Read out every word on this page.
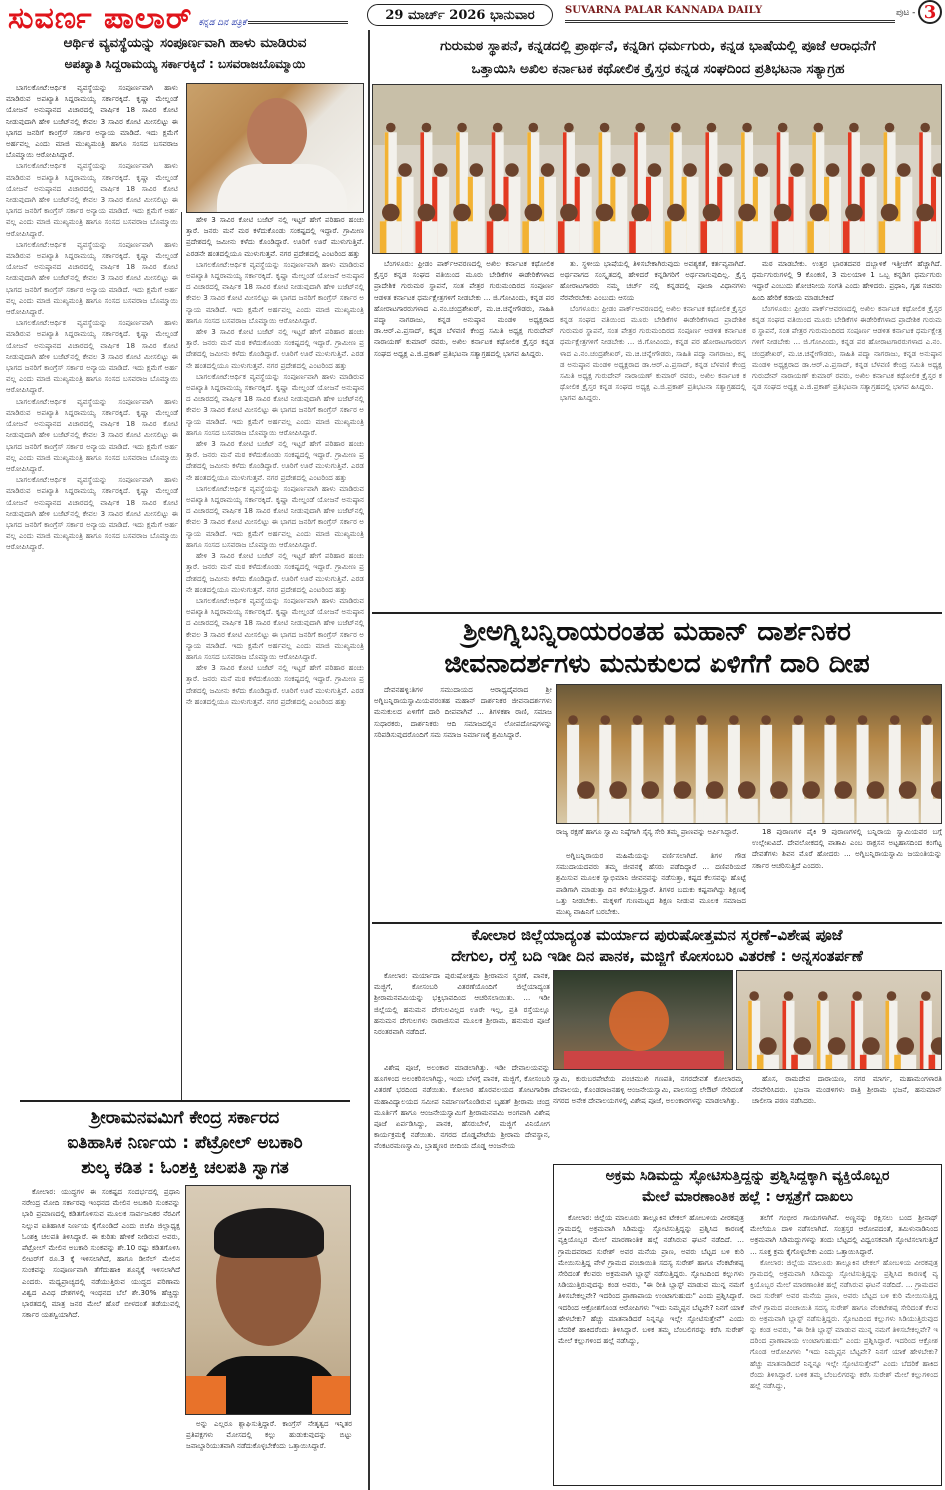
ಸುವರ್ಣ ಪಾಲಾರ್ ಕನ್ನಡ ದಿನ ಪತ್ರಿಕೆ
29 ಮಾರ್ಚ್ 2026 ಭಾನುವಾರ	SUVARNA PALAR KANNADA DAILY	ಪುಟ - 3
ಆರ್ಥಿಕ ವ್ಯವಸ್ಥೆಯನ್ನು ಸಂಪೂರ್ಣವಾಗಿ ಹಾಳು ಮಾಡಿರುವ
ಅಪಖ್ಯಾತಿ ಸಿದ್ದರಾಮಯ್ಯ ಸರ್ಕಾರಕ್ಕಿದೆ : ಬಸವರಾಜಬೊಮ್ಮಾಯಿ
ಬಾಗಲಕೋಟೆ:ಆರ್ಥಿಕ ವ್ಯವಸ್ಥೆಯನ್ನು ಸಂಪೂರ್ಣವಾಗಿ ಹಾಳು ಮಾಡಿರುವ ಅಪಖ್ಯಾತಿ ಸಿದ್ದರಾಮಯ್ಯ ಸರ್ಕಾರಕ್ಕಿದೆ. ಕೃಷ್ಣಾ ಮೇಲ್ದಂಡೆ ಯೋಜನೆ ಅನುಷ್ಠಾನದ ವಿಚಾರದಲ್ಲಿ ವಾರ್ಷಿಕ 18 ಸಾವಿರ ಕೋಟಿ ನೀಡುವುದಾಗಿ ಹೇಳಿ ಬಜೆಟ್‌ನಲ್ಲಿ ಕೇವಲ 3 ಸಾವಿರ ಕೋಟಿ ಮೀಸಲಿಟ್ಟು ಈ ಭಾಗದ ಜನರಿಗೆ ಕಾಂಗ್ರೆಸ್ ಸರ್ಕಾರ ಅನ್ಯಾಯ ಮಾಡಿದೆ. ಇದು ಕ್ಷಮೆಗೆ ಅರ್ಹವಲ್ಲ ಎಂದು ಮಾಜಿ ಮುಖ್ಯಮಂತ್ರಿ ಹಾಗೂ ಸಂಸದ ಬಸವರಾಜ ಬೊಮ್ಮಾಯಿ ಆರೋಪಿಸಿದ್ದಾರೆ.
ಬಾಗಲಕೋಟೆ:ಆರ್ಥಿಕ ವ್ಯವಸ್ಥೆಯನ್ನು ಸಂಪೂರ್ಣವಾಗಿ ಹಾಳು ಮಾಡಿರುವ ಅಪಖ್ಯಾತಿ ಸಿದ್ದರಾಮಯ್ಯ ಸರ್ಕಾರಕ್ಕಿದೆ. ಕೃಷ್ಣಾ ಮೇಲ್ದಂಡೆ ಯೋಜನೆ ಅನುಷ್ಠಾನದ ವಿಚಾರದಲ್ಲಿ ವಾರ್ಷಿಕ 18 ಸಾವಿರ ಕೋಟಿ ನೀಡುವುದಾಗಿ ಹೇಳಿ ಬಜೆಟ್‌ನಲ್ಲಿ ಕೇವಲ 3 ಸಾವಿರ ಕೋಟಿ ಮೀಸಲಿಟ್ಟು ಈ ಭಾಗದ ಜನರಿಗೆ ಕಾಂಗ್ರೆಸ್ ಸರ್ಕಾರ ಅನ್ಯಾಯ ಮಾಡಿದೆ. ಇದು ಕ್ಷಮೆಗೆ ಅರ್ಹವಲ್ಲ ಎಂದು ಮಾಜಿ ಮುಖ್ಯಮಂತ್ರಿ ಹಾಗೂ ಸಂಸದ ಬಸವರಾಜ ಬೊಮ್ಮಾಯಿ ಆರೋಪಿಸಿದ್ದಾರೆ.
ಬಾಗಲಕೋಟೆ:ಆರ್ಥಿಕ ವ್ಯವಸ್ಥೆಯನ್ನು ಸಂಪೂರ್ಣವಾಗಿ ಹಾಳು ಮಾಡಿರುವ ಅಪಖ್ಯಾತಿ ಸಿದ್ದರಾಮಯ್ಯ ಸರ್ಕಾರಕ್ಕಿದೆ. ಕೃಷ್ಣಾ ಮೇಲ್ದಂಡೆ ಯೋಜನೆ ಅನುಷ್ಠಾನದ ವಿಚಾರದಲ್ಲಿ ವಾರ್ಷಿಕ 18 ಸಾವಿರ ಕೋಟಿ ನೀಡುವುದಾಗಿ ಹೇಳಿ ಬಜೆಟ್‌ನಲ್ಲಿ ಕೇವಲ 3 ಸಾವಿರ ಕೋಟಿ ಮೀಸಲಿಟ್ಟು ಈ ಭಾಗದ ಜನರಿಗೆ ಕಾಂಗ್ರೆಸ್ ಸರ್ಕಾರ ಅನ್ಯಾಯ ಮಾಡಿದೆ. ಇದು ಕ್ಷಮೆಗೆ ಅರ್ಹವಲ್ಲ ಎಂದು ಮಾಜಿ ಮುಖ್ಯಮಂತ್ರಿ ಹಾಗೂ ಸಂಸದ ಬಸವರಾಜ ಬೊಮ್ಮಾಯಿ ಆರೋಪಿಸಿದ್ದಾರೆ.
ಬಾಗಲಕೋಟೆ:ಆರ್ಥಿಕ ವ್ಯವಸ್ಥೆಯನ್ನು ಸಂಪೂರ್ಣವಾಗಿ ಹಾಳು ಮಾಡಿರುವ ಅಪಖ್ಯಾತಿ ಸಿದ್ದರಾಮಯ್ಯ ಸರ್ಕಾರಕ್ಕಿದೆ. ಕೃಷ್ಣಾ ಮೇಲ್ದಂಡೆ ಯೋಜನೆ ಅನುಷ್ಠಾನದ ವಿಚಾರದಲ್ಲಿ ವಾರ್ಷಿಕ 18 ಸಾವಿರ ಕೋಟಿ ನೀಡುವುದಾಗಿ ಹೇಳಿ ಬಜೆಟ್‌ನಲ್ಲಿ ಕೇವಲ 3 ಸಾವಿರ ಕೋಟಿ ಮೀಸಲಿಟ್ಟು ಈ ಭಾಗದ ಜನರಿಗೆ ಕಾಂಗ್ರೆಸ್ ಸರ್ಕಾರ ಅನ್ಯಾಯ ಮಾಡಿದೆ. ಇದು ಕ್ಷಮೆಗೆ ಅರ್ಹವಲ್ಲ ಎಂದು ಮಾಜಿ ಮುಖ್ಯಮಂತ್ರಿ ಹಾಗೂ ಸಂಸದ ಬಸವರಾಜ ಬೊಮ್ಮಾಯಿ ಆರೋಪಿಸಿದ್ದಾರೆ.
ಬಾಗಲಕೋಟೆ:ಆರ್ಥಿಕ ವ್ಯವಸ್ಥೆಯನ್ನು ಸಂಪೂರ್ಣವಾಗಿ ಹಾಳು ಮಾಡಿರುವ ಅಪಖ್ಯಾತಿ ಸಿದ್ದರಾಮಯ್ಯ ಸರ್ಕಾರಕ್ಕಿದೆ. ಕೃಷ್ಣಾ ಮೇಲ್ದಂಡೆ ಯೋಜನೆ ಅನುಷ್ಠಾನದ ವಿಚಾರದಲ್ಲಿ ವಾರ್ಷಿಕ 18 ಸಾವಿರ ಕೋಟಿ ನೀಡುವುದಾಗಿ ಹೇಳಿ ಬಜೆಟ್‌ನಲ್ಲಿ ಕೇವಲ 3 ಸಾವಿರ ಕೋಟಿ ಮೀಸಲಿಟ್ಟು ಈ ಭಾಗದ ಜನರಿಗೆ ಕಾಂಗ್ರೆಸ್ ಸರ್ಕಾರ ಅನ್ಯಾಯ ಮಾಡಿದೆ. ಇದು ಕ್ಷಮೆಗೆ ಅರ್ಹವಲ್ಲ ಎಂದು ಮಾಜಿ ಮುಖ್ಯಮಂತ್ರಿ ಹಾಗೂ ಸಂಸದ ಬಸವರಾಜ ಬೊಮ್ಮಾಯಿ ಆರೋಪಿಸಿದ್ದಾರೆ.
ಬಾಗಲಕೋಟೆ:ಆರ್ಥಿಕ ವ್ಯವಸ್ಥೆಯನ್ನು ಸಂಪೂರ್ಣವಾಗಿ ಹಾಳು ಮಾಡಿರುವ ಅಪಖ್ಯಾತಿ ಸಿದ್ದರಾಮಯ್ಯ ಸರ್ಕಾರಕ್ಕಿದೆ. ಕೃಷ್ಣಾ ಮೇಲ್ದಂಡೆ ಯೋಜನೆ ಅನುಷ್ಠಾನದ ವಿಚಾರದಲ್ಲಿ ವಾರ್ಷಿಕ 18 ಸಾವಿರ ಕೋಟಿ ನೀಡುವುದಾಗಿ ಹೇಳಿ ಬಜೆಟ್‌ನಲ್ಲಿ ಕೇವಲ 3 ಸಾವಿರ ಕೋಟಿ ಮೀಸಲಿಟ್ಟು ಈ ಭಾಗದ ಜನರಿಗೆ ಕಾಂಗ್ರೆಸ್ ಸರ್ಕಾರ ಅನ್ಯಾಯ ಮಾಡಿದೆ. ಇದು ಕ್ಷಮೆಗೆ ಅರ್ಹವಲ್ಲ ಎಂದು ಮಾಜಿ ಮುಖ್ಯಮಂತ್ರಿ ಹಾಗೂ ಸಂಸದ ಬಸವರಾಜ ಬೊಮ್ಮಾಯಿ ಆರೋಪಿಸಿದ್ದಾರೆ.
ಹೇಳಿ 3 ಸಾವಿರ ಕೋಟಿ ಬಜೆಟ್ ನಲ್ಲಿ ಇಟ್ಟರೆ ಹೇಗೆ ಪರಿಹಾರ ಹಂಚು ತ್ತಾರೆ. ಜನರು ಮನೆ ಮಠ ಕಳೆದುಕೊಂಡು ಸಂಕಷ್ಟದಲ್ಲಿ ಇದ್ದಾರೆ. ಗ್ರಾಮೀಣ ಪ್ರದೇಶದಲ್ಲಿ ಜಮೀನು ಕಳೆದು ಕೊಂಡಿದ್ದಾರೆ. ಊರಿಗೆ ಊರೆ ಮುಳುಗುತ್ತಿವೆ. ಎರಡನೇ ಹಂತದಲ್ಲಿಯೂ ಮುಳುಗುತ್ತವೆ. ನಗರ ಪ್ರದೇಶದಲ್ಲಿ ಎಂಟರಿಂದ ಹತ್ತು
ಬಾಗಲಕೋಟೆ:ಆರ್ಥಿಕ ವ್ಯವಸ್ಥೆಯನ್ನು ಸಂಪೂರ್ಣವಾಗಿ ಹಾಳು ಮಾಡಿರುವ ಅಪಖ್ಯಾತಿ ಸಿದ್ದರಾಮಯ್ಯ ಸರ್ಕಾರಕ್ಕಿದೆ. ಕೃಷ್ಣಾ ಮೇಲ್ದಂಡೆ ಯೋಜನೆ ಅನುಷ್ಠಾನದ ವಿಚಾರದಲ್ಲಿ ವಾರ್ಷಿಕ 18 ಸಾವಿರ ಕೋಟಿ ನೀಡುವುದಾಗಿ ಹೇಳಿ ಬಜೆಟ್‌ನಲ್ಲಿ ಕೇವಲ 3 ಸಾವಿರ ಕೋಟಿ ಮೀಸಲಿಟ್ಟು ಈ ಭಾಗದ ಜನರಿಗೆ ಕಾಂಗ್ರೆಸ್ ಸರ್ಕಾರ ಅನ್ಯಾಯ ಮಾಡಿದೆ. ಇದು ಕ್ಷಮೆಗೆ ಅರ್ಹವಲ್ಲ ಎಂದು ಮಾಜಿ ಮುಖ್ಯಮಂತ್ರಿ ಹಾಗೂ ಸಂಸದ ಬಸವರಾಜ ಬೊಮ್ಮಾಯಿ ಆರೋಪಿಸಿದ್ದಾರೆ.
ಹೇಳಿ 3 ಸಾವಿರ ಕೋಟಿ ಬಜೆಟ್ ನಲ್ಲಿ ಇಟ್ಟರೆ ಹೇಗೆ ಪರಿಹಾರ ಹಂಚು ತ್ತಾರೆ. ಜನರು ಮನೆ ಮಠ ಕಳೆದುಕೊಂಡು ಸಂಕಷ್ಟದಲ್ಲಿ ಇದ್ದಾರೆ. ಗ್ರಾಮೀಣ ಪ್ರದೇಶದಲ್ಲಿ ಜಮೀನು ಕಳೆದು ಕೊಂಡಿದ್ದಾರೆ. ಊರಿಗೆ ಊರೆ ಮುಳುಗುತ್ತಿವೆ. ಎರಡನೇ ಹಂತದಲ್ಲಿಯೂ ಮುಳುಗುತ್ತವೆ. ನಗರ ಪ್ರದೇಶದಲ್ಲಿ ಎಂಟರಿಂದ ಹತ್ತು
ಬಾಗಲಕೋಟೆ:ಆರ್ಥಿಕ ವ್ಯವಸ್ಥೆಯನ್ನು ಸಂಪೂರ್ಣವಾಗಿ ಹಾಳು ಮಾಡಿರುವ ಅಪಖ್ಯಾತಿ ಸಿದ್ದರಾಮಯ್ಯ ಸರ್ಕಾರಕ್ಕಿದೆ. ಕೃಷ್ಣಾ ಮೇಲ್ದಂಡೆ ಯೋಜನೆ ಅನುಷ್ಠಾನದ ವಿಚಾರದಲ್ಲಿ ವಾರ್ಷಿಕ 18 ಸಾವಿರ ಕೋಟಿ ನೀಡುವುದಾಗಿ ಹೇಳಿ ಬಜೆಟ್‌ನಲ್ಲಿ ಕೇವಲ 3 ಸಾವಿರ ಕೋಟಿ ಮೀಸಲಿಟ್ಟು ಈ ಭಾಗದ ಜನರಿಗೆ ಕಾಂಗ್ರೆಸ್ ಸರ್ಕಾರ ಅನ್ಯಾಯ ಮಾಡಿದೆ. ಇದು ಕ್ಷಮೆಗೆ ಅರ್ಹವಲ್ಲ ಎಂದು ಮಾಜಿ ಮುಖ್ಯಮಂತ್ರಿ ಹಾಗೂ ಸಂಸದ ಬಸವರಾಜ ಬೊಮ್ಮಾಯಿ ಆರೋಪಿಸಿದ್ದಾರೆ.
ಹೇಳಿ 3 ಸಾವಿರ ಕೋಟಿ ಬಜೆಟ್ ನಲ್ಲಿ ಇಟ್ಟರೆ ಹೇಗೆ ಪರಿಹಾರ ಹಂಚು ತ್ತಾರೆ. ಜನರು ಮನೆ ಮಠ ಕಳೆದುಕೊಂಡು ಸಂಕಷ್ಟದಲ್ಲಿ ಇದ್ದಾರೆ. ಗ್ರಾಮೀಣ ಪ್ರದೇಶದಲ್ಲಿ ಜಮೀನು ಕಳೆದು ಕೊಂಡಿದ್ದಾರೆ. ಊರಿಗೆ ಊರೆ ಮುಳುಗುತ್ತಿವೆ. ಎರಡನೇ ಹಂತದಲ್ಲಿಯೂ ಮುಳುಗುತ್ತವೆ. ನಗರ ಪ್ರದೇಶದಲ್ಲಿ ಎಂಟರಿಂದ ಹತ್ತು
ಬಾಗಲಕೋಟೆ:ಆರ್ಥಿಕ ವ್ಯವಸ್ಥೆಯನ್ನು ಸಂಪೂರ್ಣವಾಗಿ ಹಾಳು ಮಾಡಿರುವ ಅಪಖ್ಯಾತಿ ಸಿದ್ದರಾಮಯ್ಯ ಸರ್ಕಾರಕ್ಕಿದೆ. ಕೃಷ್ಣಾ ಮೇಲ್ದಂಡೆ ಯೋಜನೆ ಅನುಷ್ಠಾನದ ವಿಚಾರದಲ್ಲಿ ವಾರ್ಷಿಕ 18 ಸಾವಿರ ಕೋಟಿ ನೀಡುವುದಾಗಿ ಹೇಳಿ ಬಜೆಟ್‌ನಲ್ಲಿ ಕೇವಲ 3 ಸಾವಿರ ಕೋಟಿ ಮೀಸಲಿಟ್ಟು ಈ ಭಾಗದ ಜನರಿಗೆ ಕಾಂಗ್ರೆಸ್ ಸರ್ಕಾರ ಅನ್ಯಾಯ ಮಾಡಿದೆ. ಇದು ಕ್ಷಮೆಗೆ ಅರ್ಹವಲ್ಲ ಎಂದು ಮಾಜಿ ಮುಖ್ಯಮಂತ್ರಿ ಹಾಗೂ ಸಂಸದ ಬಸವರಾಜ ಬೊಮ್ಮಾಯಿ ಆರೋಪಿಸಿದ್ದಾರೆ.
ಹೇಳಿ 3 ಸಾವಿರ ಕೋಟಿ ಬಜೆಟ್ ನಲ್ಲಿ ಇಟ್ಟರೆ ಹೇಗೆ ಪರಿಹಾರ ಹಂಚು ತ್ತಾರೆ. ಜನರು ಮನೆ ಮಠ ಕಳೆದುಕೊಂಡು ಸಂಕಷ್ಟದಲ್ಲಿ ಇದ್ದಾರೆ. ಗ್ರಾಮೀಣ ಪ್ರದೇಶದಲ್ಲಿ ಜಮೀನು ಕಳೆದು ಕೊಂಡಿದ್ದಾರೆ. ಊರಿಗೆ ಊರೆ ಮುಳುಗುತ್ತಿವೆ. ಎರಡನೇ ಹಂತದಲ್ಲಿಯೂ ಮುಳುಗುತ್ತವೆ. ನಗರ ಪ್ರದೇಶದಲ್ಲಿ ಎಂಟರಿಂದ ಹತ್ತು
ಬಾಗಲಕೋಟೆ:ಆರ್ಥಿಕ ವ್ಯವಸ್ಥೆಯನ್ನು ಸಂಪೂರ್ಣವಾಗಿ ಹಾಳು ಮಾಡಿರುವ ಅಪಖ್ಯಾತಿ ಸಿದ್ದರಾಮಯ್ಯ ಸರ್ಕಾರಕ್ಕಿದೆ. ಕೃಷ್ಣಾ ಮೇಲ್ದಂಡೆ ಯೋಜನೆ ಅನುಷ್ಠಾನದ ವಿಚಾರದಲ್ಲಿ ವಾರ್ಷಿಕ 18 ಸಾವಿರ ಕೋಟಿ ನೀಡುವುದಾಗಿ ಹೇಳಿ ಬಜೆಟ್‌ನಲ್ಲಿ ಕೇವಲ 3 ಸಾವಿರ ಕೋಟಿ ಮೀಸಲಿಟ್ಟು ಈ ಭಾಗದ ಜನರಿಗೆ ಕಾಂಗ್ರೆಸ್ ಸರ್ಕಾರ ಅನ್ಯಾಯ ಮಾಡಿದೆ. ಇದು ಕ್ಷಮೆಗೆ ಅರ್ಹವಲ್ಲ ಎಂದು ಮಾಜಿ ಮುಖ್ಯಮಂತ್ರಿ ಹಾಗೂ ಸಂಸದ ಬಸವರಾಜ ಬೊಮ್ಮಾಯಿ ಆರೋಪಿಸಿದ್ದಾರೆ.
ಹೇಳಿ 3 ಸಾವಿರ ಕೋಟಿ ಬಜೆಟ್ ನಲ್ಲಿ ಇಟ್ಟರೆ ಹೇಗೆ ಪರಿಹಾರ ಹಂಚು ತ್ತಾರೆ. ಜನರು ಮನೆ ಮಠ ಕಳೆದುಕೊಂಡು ಸಂಕಷ್ಟದಲ್ಲಿ ಇದ್ದಾರೆ. ಗ್ರಾಮೀಣ ಪ್ರದೇಶದಲ್ಲಿ ಜಮೀನು ಕಳೆದು ಕೊಂಡಿದ್ದಾರೆ. ಊರಿಗೆ ಊರೆ ಮುಳುಗುತ್ತಿವೆ. ಎರಡನೇ ಹಂತದಲ್ಲಿಯೂ ಮುಳುಗುತ್ತವೆ. ನಗರ ಪ್ರದೇಶದಲ್ಲಿ ಎಂಟರಿಂದ ಹತ್ತು
ಶ್ರೀರಾಮನವಮಿಗೆ ಕೇಂದ್ರ ಸರ್ಕಾರದ
ಐತಿಹಾಸಿಕ ನಿರ್ಣಯ : ಪೆಟ್ರೋಲ್ ಅಬಕಾರಿ
ಶುಲ್ಕ ಕಡಿತ : ಓಂಶಕ್ತಿ ಚಲಪತಿ ಸ್ವಾಗತ
ಕೋಲಾರ: ಯುದ್ಧಗಳ ಈ ಸಂಕಷ್ಟದ ಸಂದರ್ಭದಲ್ಲಿ ಪ್ರಧಾನಿ ನರೇಂದ್ರ ಮೋದಿ ಸರ್ಕಾರವು ಇಂಧನದ ಮೇಲಿನ ಅಬಕಾರಿ ಸುಂಕವನ್ನು ಭಾರಿ ಪ್ರಮಾಣದಲ್ಲಿ ಕಡಿತಗೊಳಿಸುವ ಮೂಲಕ ಸಾರ್ವಜನಿಕರ ನೆರವಿಗೆ ನಿಲ್ಲುವ ಐತಿಹಾಸಿಕ ನಿರ್ಣಯ ಕೈಗೊಂಡಿದೆ ಎಂದು ಬಿಜೆಪಿ ಜಿಲ್ಲಾಧ್ಯಕ್ಷ ಓಂಶಕ್ತಿ ಚಲಪತಿ ತಿಳಿಸಿದ್ದಾರೆ. ಈ ಕುರಿತು ಹೇಳಿಕೆ ನೀಡಿರುವ ಅವರು, ಪೆಟ್ರೋಲ್ ಮೇಲಿನ ಅಬಕಾರಿ ಸುಂಕವನ್ನು ಶೇ.10 ರಷ್ಟು ಕಡಿತಗೊಳಿಸಿ ಲೀಟರ್‌ಗೆ ರೂ.3 ಕ್ಕೆ ಇಳಿಸಲಾಗಿದೆ, ಹಾಗೂ ಡೀಸೆಲ್ ಮೇಲಿನ ಸುಂಕವನ್ನು ಸಂಪೂರ್ಣವಾಗಿ ತೆಗೆದುಹಾಕಿ ಶೂನ್ಯಕ್ಕೆ ಇಳಿಸಲಾಗಿದೆ ಎಂದರು. ಮಧ್ಯಪ್ರಾಚ್ಯದಲ್ಲಿ ನಡೆಯುತ್ತಿರುವ ಯುದ್ಧದ ಪರಿಣಾಮ ವಿಶ್ವದ ವಿವಿಧ ದೇಶಗಳಲ್ಲಿ ಇಂಧನದ ಬೆಲೆ ಶೇ.30% ಹೆಚ್ಚಿದ್ದು ಭಾರತದಲ್ಲಿ ಮಾತ್ರ ಜನರ ಮೇಲೆ ಹೊರೆ ಬೀಳದಂತೆ ತಡೆಯುವಲ್ಲಿ ಸರ್ಕಾರ ಯಶಸ್ವಿಯಾಗಿದೆ.
ಅನ್ನು ಎಲ್ಲರೂ ಶ್ಲಾಘಿಸುತ್ತಿದ್ದಾರೆ. ಕಾಂಗ್ರೆಸ್ ನೇತೃತ್ವದ ಇನ್ನಿತರ ಪ್ರತಿಪಕ್ಷಗಳು ಮೋಸದಲ್ಲಿ ಕಲ್ಲು ಹುಡುಕುವುದನ್ನು ಬಿಟ್ಟು ಜವಾಬ್ದಾರಿಯುತವಾಗಿ ನಡೆದುಕೊಳ್ಳಬೇಕೆಂದು ಒತ್ತಾಯಿಸಿದ್ದಾರೆ.
ಗುರುಮಠ ಸ್ಥಾಪನೆ, ಕನ್ನಡದಲ್ಲಿ ಪ್ರಾರ್ಥನೆ, ಕನ್ನಡಿಗ ಧರ್ಮಗುರು, ಕನ್ನಡ ಭಾಷೆಯಲ್ಲಿ ಪೂಜೆ ಆರಾಧನೆಗೆ
ಒತ್ತಾಯಿಸಿ ಅಖಿಲ ಕರ್ನಾಟಕ ಕಥೋಲಿಕ ಕ್ರೈಸ್ತರ ಕನ್ನಡ ಸಂಘದಿಂದ ಪ್ರತಿಭಟನಾ ಸತ್ಯಾಗ್ರಹ
ಬೆಂಗಳೂರು: ಫ್ರೀಡಂ ಪಾರ್ಕ್‌ಆವರಣದಲ್ಲಿ ಅಖಿಲ ಕರ್ನಾಟಕ ಕಥೋಲಿಕ ಕ್ರೈಸ್ತರ ಕನ್ನಡ ಸಂಘದ ವತಿಯಿಂದ ಮೂರು ಬೇಡಿಕೆಗಳ ಈಡೇರಿಕೆಗಳಾದ ಪ್ರಾದೇಶಿಕ ಗುರುಮಠ ಸ್ಥಾಪನೆ, ಸಂತ ಪೇತ್ರರ ಗುರುಮಂದಿರದ ಸಂಪೂರ್ಣ ಆಡಳಿತ ಕರ್ನಾಟಕ ಧರ್ಮಕ್ಷೇತ್ರಗಳಿಗೆ ನೀಡಬೇಕು ... ಜಿ.ಗೋವಿಂದು, ಕನ್ನಡ ಪರ ಹೋರಾಟಗಾರರುಗಳಾದ ಎ.ನಂ.ಚಂದ್ರಶೇಖರ್, ಮ.ಚಿ.ಚನ್ನೇಗೌಡರು, ಸಾಹಿತಿ ಪದ್ಮಾ ನಾಗರಾಜು, ಕನ್ನಡ ಅನುಷ್ಠಾನ ಮಂಡಳಿ ಅಧ್ಯಕ್ಷರಾದ ಡಾ.ಆರ್.ಎ.ಪ್ರಸಾದ್, ಕನ್ನಡ ಬೆಳವಣಿ ಕೇಂದ್ರ ಸಮಿತಿ ಅಧ್ಯಕ್ಷ ಗುರುದೇವ್ ನಾರಾಯಣ್ ಕುಮಾರ್ ರವರು, ಅಖಿಲ ಕರ್ನಾಟಕ ಕಥೋಲಿಕ ಕ್ರೈಸ್ತರ ಕನ್ನಡ ಸಂಘದ ಅಧ್ಯಕ್ಷ ಎ.ಜಿ.ಪ್ರಕಾಶ್ ಪ್ರತಿಭಟನಾ ಸತ್ಯಾಗ್ರಹದಲ್ಲಿ ಭಾಗವ ಹಿಸಿದ್ದರು.
ತು. ಸ್ಥಳೀಯ ಭಾಷೆಯಲ್ಲಿ ತಿಳಿಸಬೇಕಾಗಿರುವುದು ಅವಶ್ಯಕತೆ, ಕರ್ತವ್ಯವಾಗಿದೆ. ಅರ್ಥವಾಗದ ಸಂಸ್ಕೃತದಲ್ಲಿ ಹೇಳಿದರೆ ಕನ್ನಡಿಗರಿಗೆ ಅರ್ಥವಾಗುವುದಿಲ್ಲ. ಕ್ರೈಸ್ತ ಹೋರಾಟಗಾರರು ನಮ್ಮ ಚರ್ಚ್ ನಲ್ಲಿ ಕನ್ನಡದಲ್ಲಿ ಪೂಜಾ ವಿಧಾನಗಳು ನೆರವೇರಬೇಕು ಎಂಬುದು ಆಸಯ
ಬೆಂಗಳೂರು: ಫ್ರೀಡಂ ಪಾರ್ಕ್‌ಆವರಣದಲ್ಲಿ ಅಖಿಲ ಕರ್ನಾಟಕ ಕಥೋಲಿಕ ಕ್ರೈಸ್ತರ ಕನ್ನಡ ಸಂಘದ ವತಿಯಿಂದ ಮೂರು ಬೇಡಿಕೆಗಳ ಈಡೇರಿಕೆಗಳಾದ ಪ್ರಾದೇಶಿಕ ಗುರುಮಠ ಸ್ಥಾಪನೆ, ಸಂತ ಪೇತ್ರರ ಗುರುಮಂದಿರದ ಸಂಪೂರ್ಣ ಆಡಳಿತ ಕರ್ನಾಟಕ ಧರ್ಮಕ್ಷೇತ್ರಗಳಿಗೆ ನೀಡಬೇಕು ... ಜಿ.ಗೋವಿಂದು, ಕನ್ನಡ ಪರ ಹೋರಾಟಗಾರರುಗಳಾದ ಎ.ನಂ.ಚಂದ್ರಶೇಖರ್, ಮ.ಚಿ.ಚನ್ನೇಗೌಡರು, ಸಾಹಿತಿ ಪದ್ಮಾ ನಾಗರಾಜು, ಕನ್ನಡ ಅನುಷ್ಠಾನ ಮಂಡಳಿ ಅಧ್ಯಕ್ಷರಾದ ಡಾ.ಆರ್.ಎ.ಪ್ರಸಾದ್, ಕನ್ನಡ ಬೆಳವಣಿ ಕೇಂದ್ರ ಸಮಿತಿ ಅಧ್ಯಕ್ಷ ಗುರುದೇವ್ ನಾರಾಯಣ್ ಕುಮಾರ್ ರವರು, ಅಖಿಲ ಕರ್ನಾಟಕ ಕಥೋಲಿಕ ಕ್ರೈಸ್ತರ ಕನ್ನಡ ಸಂಘದ ಅಧ್ಯಕ್ಷ ಎ.ಜಿ.ಪ್ರಕಾಶ್ ಪ್ರತಿಭಟನಾ ಸತ್ಯಾಗ್ರಹದಲ್ಲಿ ಭಾಗವ ಹಿಸಿದ್ದರು.
ಮಠ ಮಾಡಬೇಕು. ಉತ್ತರ ಭಾರತದವರ ದಬ್ಬಾಳಿಕೆ ಇತ್ತೀಚೆಗೆ ಹೆಚ್ಚಾಗಿದೆ. ಧರ್ಮಗುರುಗಳಲ್ಲಿ 9 ಕೊಂಕಣಿ, 3 ಮಲಯಾಳಿ 1 ಒಬ್ಬ ಕನ್ನಡಿಗ ಧರ್ಮಗುರು ಇದ್ದಾರೆ ಎಂಬುದು ಶೋಚನೀಯ ಸಂಗತಿ ಎಂದು ಹೇಳಿದರು. ಪ್ರಧಾನಿ, ಗೃಹ ಸಚಿವರು ಹಿಂದಿ ಹೇರಿಕೆ ಕಡಾಯ ಮಾಡಬೇಕಿದೆ
ಬೆಂಗಳೂರು: ಫ್ರೀಡಂ ಪಾರ್ಕ್‌ಆವರಣದಲ್ಲಿ ಅಖಿಲ ಕರ್ನಾಟಕ ಕಥೋಲಿಕ ಕ್ರೈಸ್ತರ ಕನ್ನಡ ಸಂಘದ ವತಿಯಿಂದ ಮೂರು ಬೇಡಿಕೆಗಳ ಈಡೇರಿಕೆಗಳಾದ ಪ್ರಾದೇಶಿಕ ಗುರುಮಠ ಸ್ಥಾಪನೆ, ಸಂತ ಪೇತ್ರರ ಗುರುಮಂದಿರದ ಸಂಪೂರ್ಣ ಆಡಳಿತ ಕರ್ನಾಟಕ ಧರ್ಮಕ್ಷೇತ್ರಗಳಿಗೆ ನೀಡಬೇಕು ... ಜಿ.ಗೋವಿಂದು, ಕನ್ನಡ ಪರ ಹೋರಾಟಗಾರರುಗಳಾದ ಎ.ನಂ.ಚಂದ್ರಶೇಖರ್, ಮ.ಚಿ.ಚನ್ನೇಗೌಡರು, ಸಾಹಿತಿ ಪದ್ಮಾ ನಾಗರಾಜು, ಕನ್ನಡ ಅನುಷ್ಠಾನ ಮಂಡಳಿ ಅಧ್ಯಕ್ಷರಾದ ಡಾ.ಆರ್.ಎ.ಪ್ರಸಾದ್, ಕನ್ನಡ ಬೆಳವಣಿ ಕೇಂದ್ರ ಸಮಿತಿ ಅಧ್ಯಕ್ಷ ಗುರುದೇವ್ ನಾರಾಯಣ್ ಕುಮಾರ್ ರವರು, ಅಖಿಲ ಕರ್ನಾಟಕ ಕಥೋಲಿಕ ಕ್ರೈಸ್ತರ ಕನ್ನಡ ಸಂಘದ ಅಧ್ಯಕ್ಷ ಎ.ಜಿ.ಪ್ರಕಾಶ್ ಪ್ರತಿಭಟನಾ ಸತ್ಯಾಗ್ರಹದಲ್ಲಿ ಭಾಗವ ಹಿಸಿದ್ದರು.
ಶ್ರೀಅಗ್ನಿಬನ್ನಿರಾಯರಂತಹ ಮಹಾನ್ ದಾರ್ಶನಿಕರ
ಜೀವನಾದರ್ಶಗಳು ಮನುಕುಲದ ಏಳಿಗೆಗೆ ದಾರಿ ದೀಪ
ದೇವನಹಳ್ಳಿ:ತಿಗಳ ಸಮುದಾಯದ ಆರಾಧ್ಯದೈವರಾದ ಶ್ರೀ ಅಗ್ನಿಬನ್ನಿರಾಯಸ್ವಾಮಿಯವರಂತಹ ಮಹಾನ್ ದಾರ್ಶನಿಕರ ಜೀವನಾದರ್ಶಗಳು ಮನುಕುಲದ ಏಳಿಗೆಗೆ ದಾರಿ ದೀಪವಾಗಿವೆ ... ತಿಗಳಕಶಾ ರಾಣಿ, ಸಮಾಜ ಸುಧಾರಕರು, ದಾರ್ಶನಿಕರು ಆದಿ ಸಮಾಜದಲ್ಲಿನ ಲೋಪದೋಷಗಳನ್ನು ಸರಿಪಡಿಸುವುದರೊಂದಿಗೆ ಸಮ ಸಮಾಜ ನಿರ್ಮಾಣಕ್ಕೆ ಶ್ರಮಿಸಿದ್ದಾರೆ.
ರಾಜ್ಯ ರಕ್ಷಣೆ ಹಾಗೂ ಸ್ವಾಮಿ ನಿಷ್ಠೆಗಾಗಿ ಸೈನ್ಯ ಸೇರಿ ತಮ್ಮ ಪ್ರಾಣವನ್ನು ಅರ್ಪಿಸಿದ್ದಾರೆ.
ಅಗ್ನಿಬನ್ನಿರಾಯರ ಮಹಿಮೆಯನ್ನು ವರ್ಣಿಸಲಾಗಿದೆ. ತಿಗಳ ಗೌಡ ಸಮುದಾಯದವರು ತಮ್ಮ ಜೀವನಕ್ಕೆ ಹೆಸರು ಪಡೆದಿದ್ದಾರೆ ... ದಣಿವರಿಯದೆ ಶ್ರಮಿಸುವ ಮೂಲಕ ಸ್ವಾಭಿಮಾನಿ ಜೀವನವನ್ನು ನಡೆಸುತ್ತಾ, ಕಷ್ಟದ ಕೆಲಸವನ್ನು ಹೊಟ್ಟೆ ಪಾಡಿಗಾಗಿ ಮಾಡುತ್ತಾ ದಿನ ಕಳೆಯುತ್ತಿದ್ದಾರೆ. ತಿಗಳರ ಬದುಕು ಕಷ್ಟವಾಗಿದ್ದು ಶಿಕ್ಷಣಕ್ಕೆ ಒತ್ತು ನೀಡಬೇಕು. ಮಕ್ಕಳಿಗೆ ಗುಣಮಟ್ಟದ ಶಿಕ್ಷಣ ನೀಡುವ ಮೂಲಕ ಸಮಾಜದ ಮುಖ್ಯ ವಾಹಿನಿಗೆ ಬರಬೇಕು.
18 ಪುರಾಣಗಳ ಪೈಕಿ 9 ಪುರಾಣಗಳಲ್ಲಿ ಬನ್ನಿರಾಯ ಸ್ವಾಮಿಯವರ ಬಗ್ಗೆ ಉಲ್ಲೇಖವಿದೆ. ದೇವಲೋಕದಲ್ಲಿ ವಾತಾಪಿ ಎಂಬ ರಾಕ್ಷಸನ ಅಟ್ಟಹಾಸದಿಂದ ಕಂಗೆಟ್ಟ ದೇವತೆಗಳು ಶಿವನ ಮೊರೆ ಹೋದರು ... ಅಗ್ನಿಬನ್ನಿರಾಯಸ್ವಾಮಿ ಜಯಂತಿಯನ್ನು ಸರ್ಕಾರ ಆಚರಿಸುತ್ತಿದೆ ಎಂದರು.
ಕೋಲಾರ ಜಿಲ್ಲೆಯಾದ್ಯಂತ ಮರ್ಯಾದ ಪುರುಷೋತ್ತಮನ ಸ್ಮರಣೆ–ವಿಶೇಷ ಪೂಜೆ
ದೇಗುಲ, ರಸ್ತೆ ಬದಿ ಇಡೀ ದಿನ ಪಾನಕ, ಮಜ್ಜಿಗೆ ಕೋಸಂಬರಿ ವಿತರಣೆ : ಅನ್ನಸಂತರ್ಪಣೆ
ಕೋಲಾರ: ಮರ್ಯಾದಾ ಪುರುಷೋತ್ತಮ ಶ್ರೀರಾಮನ ಸ್ಮರಣೆ, ಪಾನಕ, ಮಜ್ಜಿಗೆ, ಕೋಸಂಬರಿ ವಿತರಣೆಯೊಂದಿಗೆ ಜಿಲ್ಲೆಯಾದ್ಯಂತ ಶ್ರೀರಾಮನವಮಿಯನ್ನು ಭಕ್ತಿಭಾವದಿಂದ ಆಚರಿಸಲಾಯಿತು. ... ಇಡೀ ಜಿಲ್ಲೆಯಲ್ಲಿ ಹನುಮನ ದೇಗುಲವಿಲ್ಲದ ಊರೇ ಇಲ್ಲ, ಪ್ರತಿ ರಸ್ತೆಯಲ್ಲೂ ಹನುಮನ ದೇಗುಲಗಳು ರಾರಾಜಿಸುವ ಮೂಲಕ ಶ್ರೀರಾಮ, ಹನುಮರ ಪೂಜೆ ನಿರಂತರವಾಗಿ ನಡೆದಿದೆ.
ವಿಶೇಷ ಪೂಜೆ, ಅಲಂಕಾರ ಮಾಡಲಾಗಿತ್ತು. ಇಡೀ ದೇವಾಲಯವನ್ನು ಹೂಗಳಿಂದ ಅಲಂಕರಿಸಲಾಗಿದ್ದು, ಇಂದು ಬೆಳಗ್ಗೆ ಪಾನಕ, ಮಜ್ಜಿಗೆ, ಕೋಸಂಬರಿ ವಿತರಣೆ ಭರದಿಂದ ನಡೆಯಿತು. ಕೋಲಾರ ಹೊರವಲಯದ ತೋಟಗಾರಿಕಾ ಮಹಾವಿದ್ಯಾಲಯದ ಸಮೀಪ ನಿರ್ಮಾಣಗೊಂಡಿರುವ ಬೃಹತ್ ಶ್ರೀರಾಮ ಚಂದ್ರ ಮೂರ್ತಿಗೆ ಹಾಗೂ ಆಂಜನೇಯಸ್ವಾಮಿಗೆ ಶ್ರೀರಾಮನವಮಿ ಅಂಗವಾಗಿ ವಿಶೇಷ ಪೂಜೆ ಏರ್ಪಡಿಸಿದ್ದು, ಪಾನಕ, ಹೆಸರುಬೇಳೆ, ಮಜ್ಜಿಗೆ ವಿನಿಯೋಗ ಕಾರ್ಯಕ್ರಮಕ್ಕೆ ನಡೆಯಿತು. ನಗರದ ದೊಡ್ಡಪೇಟೆಯ ಶ್ರೀರಾಮ ದೇವಸ್ಥಾನ, ವೆಂಕಟರಮಣಸ್ವಾಮಿ, ಬ್ರಾಹ್ಮಣರ ಬೀದಿಯ ದೊಡ್ಡ ಆಂಜನೇಯ
ಸ್ವಾಮಿ, ಕುರುಬರಪೇಟೆಯ ಪಂಚಮುಖಿ ಗಣಪತಿ, ನಗರದೇವತೆ ಕೋಲಾರಮ್ಮ ದೇವಾಲಯ, ಕೊಂಡರಾಜನಹಳ್ಳಿ ಆಂಜನೇಯಸ್ವಾಮಿ, ಪಾಲಸಂದ್ರ ಲೇಔಟ್ ಸೇರಿದಂತೆ ನಗರದ ಅನೇಕ ದೇವಾಲಯಗಳಲ್ಲಿ ವಿಶೇಷ ಪೂಜೆ, ಅಲಂಕಾರಗಳನ್ನು ಮಾಡಲಾಗಿತ್ತು.
ಹೊಸ, ರಾಮದೇವ ದಾರಾಯಣ, ನಗರ ಮಾರ್ಗ, ಮಹಾಮಂಗಳಾರತಿ ನೆರವೇರಿಸಿದರು. ಭಜನಾ ಮಂಡಳಿಗಳು ರಾತ್ರಿ ಶ್ರೀರಾಮ ಭಜನೆ, ಹನುಮಾನ್ ಚಾಲೀಸಾ ಪಠಣ ನಡೆಸಿದರು.
ಅಕ್ರಮ ಸಿಡಿಮದ್ದು ಸ್ಫೋಟಿಸುತ್ತಿದ್ದನ್ನು ಪ್ರಶ್ನಿಸಿದ್ದಕ್ಕಾಗಿ ವ್ಯಕ್ತಿಯೊಬ್ಬರ
ಮೇಲೆ ಮಾರಣಾಂತಿಕ ಹಲ್ಲೆ : ಆಸ್ಪತ್ರೆಗೆ ದಾಖಲು
ಕೋಲಾರ: ಜಿಲ್ಲೆಯ ಮಾಲೂರು ತಾಲ್ಲೂಕಿನ ಟೇಕಲ್ ಹೋಬಳಿಯ ವೀರಕಪುತ್ರ ಗ್ರಾಮದಲ್ಲಿ ಅಕ್ರಮವಾಗಿ ಸಿಡಿಮದ್ದು ಸ್ಫೋಟಿಸುತ್ತಿದ್ದನ್ನು ಪ್ರಶ್ನಿಸಿದ ಕಾರಣಕ್ಕೆ ವ್ಯಕ್ತಿಯೊಬ್ಬರ ಮೇಲೆ ಮಾರಣಾಂತಿಕ ಹಲ್ಲೆ ನಡೆಸಿರುವ ಘಟನೆ ನಡೆದಿದೆ. ... ಗ್ರಾಮದವರಾದ ಸುರೇಶ್ ಅವರ ಮನೆಯ ಪ್ರಾಣ, ಅವರು ಬೆಟ್ಟದ ಬಳಿ ಕುರಿ ಮೇಯಿಸುತ್ತಿದ್ದ ವೇಳೆ ಗ್ರಾಮದ ಪಂಚಾಯಿತಿ ಸದಸ್ಯ ಸುರೇಶ್ ಹಾಗೂ ವೆಂಕಟೇಶಪ್ಪ ಸೇರಿದಂತೆ ಕೆಲವರು ಅಕ್ರಮವಾಗಿ ಬ್ಲಾಸ್ಟ್ ನಡೆಸುತ್ತಿದ್ದರು. ಸ್ಫೋಟದಿಂದ ಕಲ್ಲುಗಳು ಸಿಡಿಯುತ್ತಿರುವುದನ್ನು ಕಂಡ ಅವರು, "ಈ ರೀತಿ ಬ್ಲಾಸ್ಟ್ ಮಾಡುವ ಮುನ್ನ ನಮಗೆ ತಿಳಿಸಬೇಕಲ್ಲವೇ? ಇದರಿಂದ ಪ್ರಾಣಾಪಾಯ ಉಂಟಾಗುಹುದು" ಎಂದು ಪ್ರಶ್ನಿಸಿದ್ದಾರೆ. ಇದರಿಂದ ಆಕ್ರೋಶಗೊಂಡ ಆರೋಪಿಗಳು "ಇದು ನಿಮ್ಮಪ್ಪನ ಬೆಟ್ಟವೇ? ನಿನಗೆ ಯಾಕೆ ಹೇಳಬೇಕು? ಹೆಚ್ಚು ಮಾತನಾಡಿದರೆ ನಿನ್ನನ್ನೂ ಇಲ್ಲೇ ಸ್ಫೋಟಿಸುತ್ತೇವೆ" ಎಂದು ಬೆದರಿಕೆ ಹಾಕಿದರೆಂದು ತಿಳಿಸಿದ್ದಾರೆ. ಬಳಿಕ ತಮ್ಮ ಬೆಂಬಲಿಗರನ್ನು ಕರೆಸಿ ಸುರೇಶ್ ಮೇಲೆ ಕಲ್ಲುಗಳಿಂದ ಹಲ್ಲೆ ನಡೆಸಿದ್ದು,
ತಲೆಗೆ ಗಂಭೀರ ಗಾಯಗಳಾಗಿವೆ. ಅಣ್ಣನನ್ನು ರಕ್ಷಿಸಲು ಬಂದ ಶ್ರೀನಾಥ್ ಮೇಲೆಯೂ ದಾಳಿ ನಡೆಸಲಾಗಿದೆ. ಸಂತ್ರಸ್ತರ ಆರೋಪದಂತೆ, ತಮಿಳುನಾಡಿನಿಂದ ಅಕ್ರಮವಾಗಿ ಸಿಡಿಮದ್ದುಗಳನ್ನು ತಂದು ಬೆಟ್ಟದಲ್ಲಿ ವಿಧ್ವಂಸಕವಾಗಿ ಸ್ಫೋಟಿಸಲಾಗುತ್ತಿದೆ ... ಸೂಕ್ತ ಕ್ರಮ ಕೈಗೊಳ್ಳಬೇಕು ಎಂದು ಒತ್ತಾಯಿಸಿದ್ದಾರೆ.
ಕೋಲಾರ: ಜಿಲ್ಲೆಯ ಮಾಲೂರು ತಾಲ್ಲೂಕಿನ ಟೇಕಲ್ ಹೋಬಳಿಯ ವೀರಕಪುತ್ರ ಗ್ರಾಮದಲ್ಲಿ ಅಕ್ರಮವಾಗಿ ಸಿಡಿಮದ್ದು ಸ್ಫೋಟಿಸುತ್ತಿದ್ದನ್ನು ಪ್ರಶ್ನಿಸಿದ ಕಾರಣಕ್ಕೆ ವ್ಯಕ್ತಿಯೊಬ್ಬರ ಮೇಲೆ ಮಾರಣಾಂತಿಕ ಹಲ್ಲೆ ನಡೆಸಿರುವ ಘಟನೆ ನಡೆದಿದೆ. ... ಗ್ರಾಮದವರಾದ ಸುರೇಶ್ ಅವರ ಮನೆಯ ಪ್ರಾಣ, ಅವರು ಬೆಟ್ಟದ ಬಳಿ ಕುರಿ ಮೇಯಿಸುತ್ತಿದ್ದ ವೇಳೆ ಗ್ರಾಮದ ಪಂಚಾಯಿತಿ ಸದಸ್ಯ ಸುರೇಶ್ ಹಾಗೂ ವೆಂಕಟೇಶಪ್ಪ ಸೇರಿದಂತೆ ಕೆಲವರು ಅಕ್ರಮವಾಗಿ ಬ್ಲಾಸ್ಟ್ ನಡೆಸುತ್ತಿದ್ದರು. ಸ್ಫೋಟದಿಂದ ಕಲ್ಲುಗಳು ಸಿಡಿಯುತ್ತಿರುವುದನ್ನು ಕಂಡ ಅವರು, "ಈ ರೀತಿ ಬ್ಲಾಸ್ಟ್ ಮಾಡುವ ಮುನ್ನ ನಮಗೆ ತಿಳಿಸಬೇಕಲ್ಲವೇ? ಇದರಿಂದ ಪ್ರಾಣಾಪಾಯ ಉಂಟಾಗುಹುದು" ಎಂದು ಪ್ರಶ್ನಿಸಿದ್ದಾರೆ. ಇದರಿಂದ ಆಕ್ರೋಶಗೊಂಡ ಆರೋಪಿಗಳು "ಇದು ನಿಮ್ಮಪ್ಪನ ಬೆಟ್ಟವೇ? ನಿನಗೆ ಯಾಕೆ ಹೇಳಬೇಕು? ಹೆಚ್ಚು ಮಾತನಾಡಿದರೆ ನಿನ್ನನ್ನೂ ಇಲ್ಲೇ ಸ್ಫೋಟಿಸುತ್ತೇವೆ" ಎಂದು ಬೆದರಿಕೆ ಹಾಕಿದರೆಂದು ತಿಳಿಸಿದ್ದಾರೆ. ಬಳಿಕ ತಮ್ಮ ಬೆಂಬಲಿಗರನ್ನು ಕರೆಸಿ ಸುರೇಶ್ ಮೇಲೆ ಕಲ್ಲುಗಳಿಂದ ಹಲ್ಲೆ ನಡೆಸಿದ್ದು,
